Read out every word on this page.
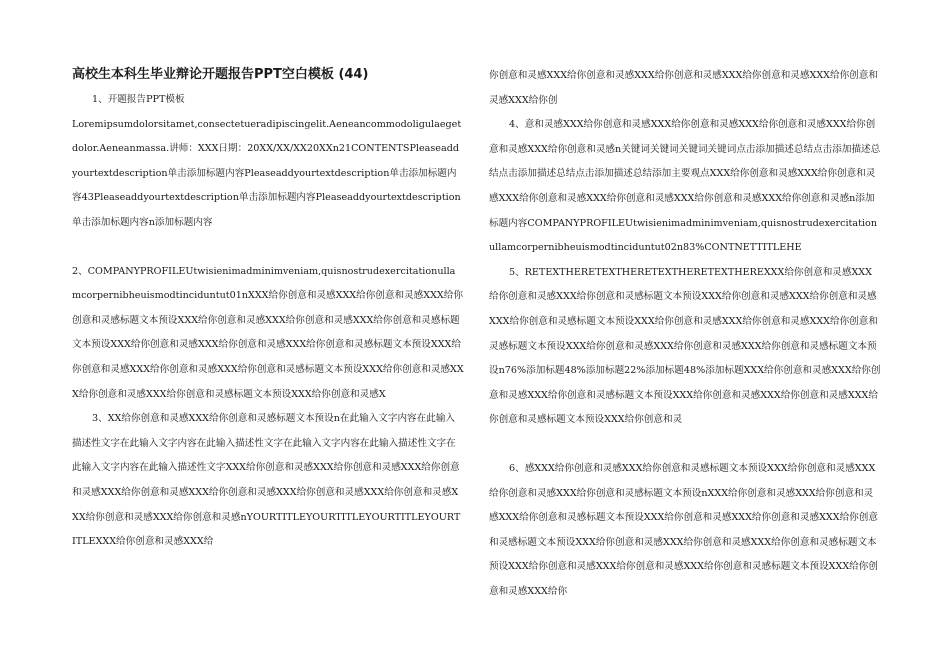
高校生本科生毕业辩论开题报告PPT空白模板 (44)

1、开题报告PPT模板

Loremipsumdolorsitamet,consectetueradipiscingelit.Aeneancommodoligulaegetdolor.Aeneanmassa.讲师：XXX日期：20XX/XX/XX20XXn21CONTENTSPleaseaddyourtextdescription单击添加标题内容Pleaseaddyourtextdescription单击添加标题内容43Pleaseaddyourtextdescription单击添加标题内容Pleaseaddyourtextdescription单击添加标题内容n添加标题内容

2、COMPANYPROFILEUtwisienimadminimveniam,quisnostrudexercitationullamcorpernibheuismodtinciduntut01nXXX给你创意和灵感XXX给你创意和灵感XXX给你创意和灵感标题文本预设XXX给你创意和灵感XXX给你创意和灵感XXX给你创意和灵感标题文本预设XXX给你创意和灵感XXX给你创意和灵感XXX给你创意和灵感标题文本预设XXX给你创意和灵感XXX给你创意和灵感XXX给你创意和灵感标题文本预设XXX给你创意和灵感XXX给你创意和灵感XXX给你创意和灵感标题文本预设XXX给你创意和灵感X

3、XX给你创意和灵感XXX给你创意和灵感标题文本预设n在此输入文字内容在此输入描述性文字在此输入文字内容在此输入描述性文字在此输入文字内容在此输入描述性文字在此输入文字内容在此输入描述性文字XXX给你创意和灵感XXX给你创意和灵感XXX给你创意和灵感XXX给你创意和灵感XXX给你创意和灵感XXX给你创意和灵感XXX给你创意和灵感XXX给你创意和灵感XXX给你创意和灵感nYOURTITLEYOURTITLEYOURTITLEYOURTITLEXXX给你创意和灵感XXX给

你创意和灵感XXX给你创意和灵感XXX给你创意和灵感XXX给你创意和灵感XXX给你创意和灵感XXX给你创

4、意和灵感XXX给你创意和灵感XXX给你创意和灵感XXX给你创意和灵感XXX给你创意和灵感XXX给你创意和灵感n关键词关键词关键词关键词点击添加描述总结点击添加描述总结点击添加描述总结点击添加描述总结添加主要观点XXX给你创意和灵感XXX给你创意和灵感XXX给你创意和灵感XXX给你创意和灵感XXX给你创意和灵感XXX给你创意和灵感n添加标题内容COMPANYPROFILEUtwisienimadminimveniam,quisnostrudexercitationullamcorpernibheuismodtinciduntut02n83%CONTNETTITLEHE

5、RETEXTHERETEXTHERETEXTHERETEXTHEREXXX给你创意和灵感XXX给你创意和灵感XXX给你创意和灵感标题文本预设XXX给你创意和灵感XXX给你创意和灵感XXX给你创意和灵感标题文本预设XXX给你创意和灵感XXX给你创意和灵感XXX给你创意和灵感标题文本预设XXX给你创意和灵感XXX给你创意和灵感XXX给你创意和灵感标题文本预设n76%添加标题48%添加标题22%添加标题48%添加标题XXX给你创意和灵感XXX给你创意和灵感XXX给你创意和灵感标题文本预设XXX给你创意和灵感XXX给你创意和灵感XXX给你创意和灵感标题文本预设XXX给你创意和灵

6、感XXX给你创意和灵感XXX给你创意和灵感标题文本预设XXX给你创意和灵感XXX给你创意和灵感XXX给你创意和灵感标题文本预设nXXX给你创意和灵感XXX给你创意和灵感XXX给你创意和灵感标题文本预设XXX给你创意和灵感XXX给你创意和灵感XXX给你创意和灵感标题文本预设XXX给你创意和灵感XXX给你创意和灵感XXX给你创意和灵感标题文本预设XXX给你创意和灵感XXX给你创意和灵感XXX给你创意和灵感标题文本预设XXX给你创意和灵感XXX给你
